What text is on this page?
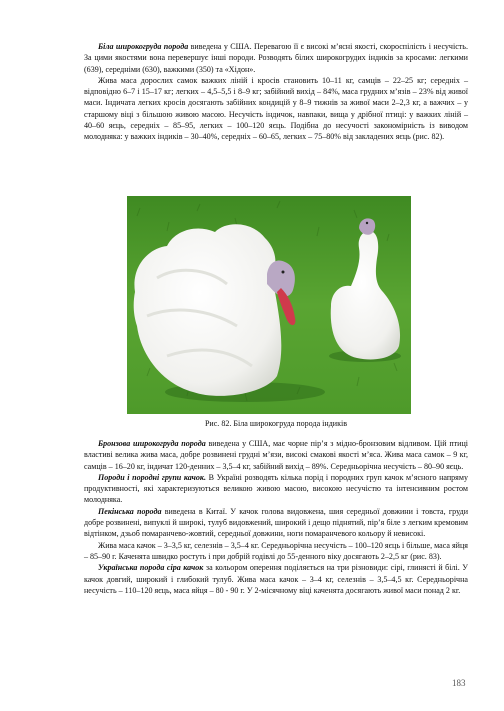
Біла широкогруда порода виведена у США. Перевагою її є високі м’ясні якості, скороспілість і несучість. За цими якостями вона перевершує інші породи. Розводять білих широкогрудих індиків за кросами: легкими (639), середніми (630), важкими (350) та «Хідон».

Жива маса дорослих самок важких ліній і кросів становить 10–11 кг, самців – 22–25 кг; середніх – відповідно 6–7 і 15–17 кг; легких – 4,5–5,5 і 8–9 кг; забійний вихід – 84%, маса грудних м’язів – 23% від живої маси. Індичата легких кросів досягають забійних кондицій у 8–9 тижнів за живої маси 2–2,3 кг, а важчих – у старшому віці з більшою живою масою. Несучість індичок, навпаки, вища у дрібної птиці: у важких ліній – 40–60 яєць, середніх – 85–95, легких – 100–120 яєць. Подібна до несучості закономірність із виводом молодняка: у важких індиків – 30–40%, середніх – 60–65, легких – 75–80% від закладених яєць (рис. 82).

Рис. 82. Біла широкогруда порода індиків

Бронзова широкогруда порода виведена у США, має чорне пір’я з мідно-бронзовим відливом. Цій птиці властиві велика жива маса, добре розвинені грудні м’язи, високі смакові якості м’яса. Жива маса самок – 9 кг, самців – 16–20 кг, індичат 120-денних – 3,5–4 кг, забійний вихід – 89%. Середньорічна несучість – 80–90 яєць.

Породи і породні групи качок. В Україні розводять кілька порід і породних груп качок м’ясного напряму продуктивності, які характеризуються великою живою масою, високою несучістю та інтенсивним ростом молодняка.

Пекінська порода виведена в Китаї. У качок голова видовжена, шия середньої довжини і товста, груди добре розвинені, випуклі й широкі, тулуб видовжений, широкий і дещо піднятий, пір’я біле з легким кремовим відтінком, дзьоб помаранчево-жовтий, середньої довжини, ноги помаранчевого кольору й невисокі.

Жива маса качок – 3–3,5 кг, селезнів – 3,5–4 кг. Середньорічна несучість – 100–120 яєць і більше, маса яйця – 85–90 г. Каченята швидко ростуть і при добрій годівлі до 55-денного віку досягають 2–2,5 кг (рис. 83).

Українська порода сіра качок за кольором оперення поділяється на три різновиди: сірі, глинясті й білі. У качок довгий, широкий і глибокий тулуб. Жива маса качок – 3–4 кг, селезнів – 3,5–4,5 кг. Середньорічна несучість – 110–120 яєць, маса яйця – 80 - 90 г. У 2-місячному віці каченята досягають живої маси понад 2 кг.

183
